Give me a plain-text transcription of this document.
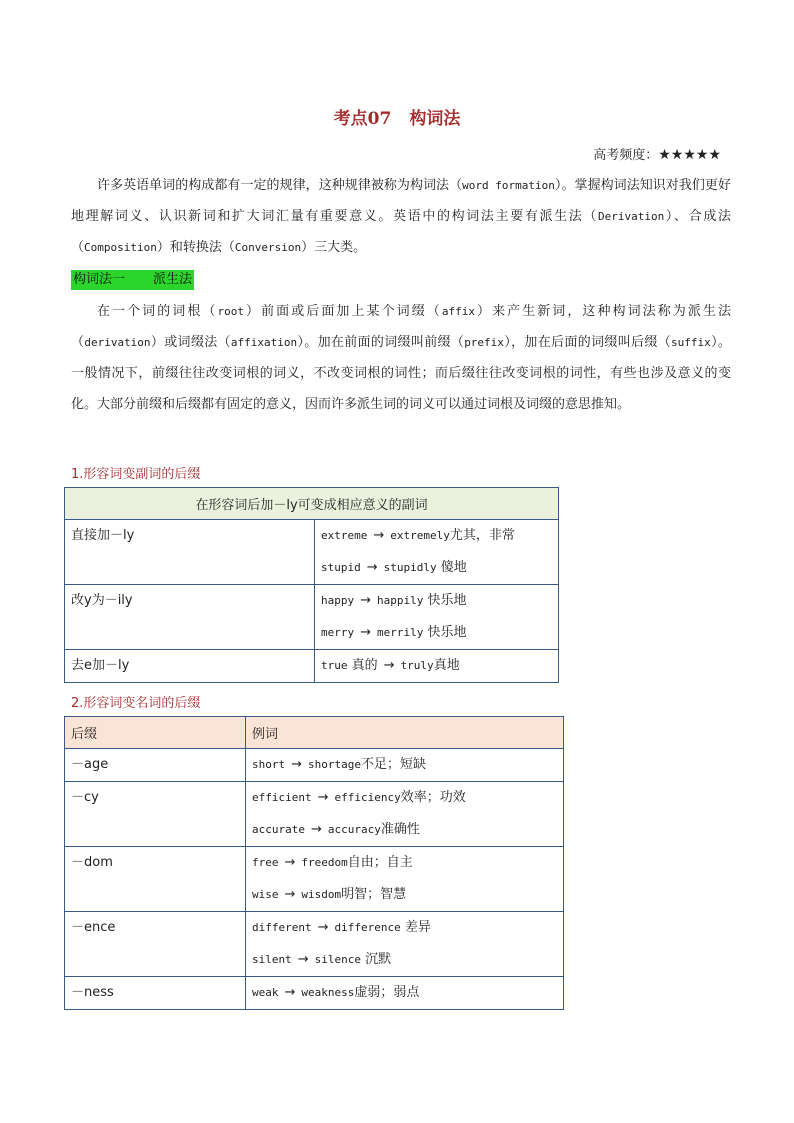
考点07 构词法
高考频度：★★★★★
许多英语单词的构成都有一定的规律，这种规律被称为构词法（word formation）。掌握构词法知识对我们更好地理解词义、认识新词和扩大词汇量有重要意义。英语中的构词法主要有派生法（Derivation）、合成法（Composition）和转换法（Conversion）三大类。
构词法一 派生法
在一个词的词根（root）前面或后面加上某个词缀（affix）来产生新词，这种构词法称为派生法（derivation）或词缀法（affixation）。加在前面的词缀叫前缀（prefix），加在后面的词缀叫后缀（suffix）。一般情况下，前缀往往改变词根的词义，不改变词根的词性；而后缀往往改变词根的词性，有些也涉及意义的变化。大部分前缀和后缀都有固定的意义，因而许多派生词的词义可以通过词根及词缀的意思推知。
1.形容词变副词的后缀
在形容词后加－ly可变成相应意义的副词	
直接加－ly	extreme → extremely尤其，非常
stupid → stupidly 傻地

改y为－ily	happy → happily 快乐地
merry → merrily 快乐地

去e加－ly	true 真的 → truly真地
2.形容词变名词的后缀
后缀	例词
－age	short → shortage不足；短缺

－cy	efficient → efficiency效率；功效
accurate → accuracy准确性

－dom	free → freedom自由；自主
wise → wisdom明智；智慧

－ence	different → difference 差异
silent → silence 沉默

－ness	weak → weakness虚弱；弱点
